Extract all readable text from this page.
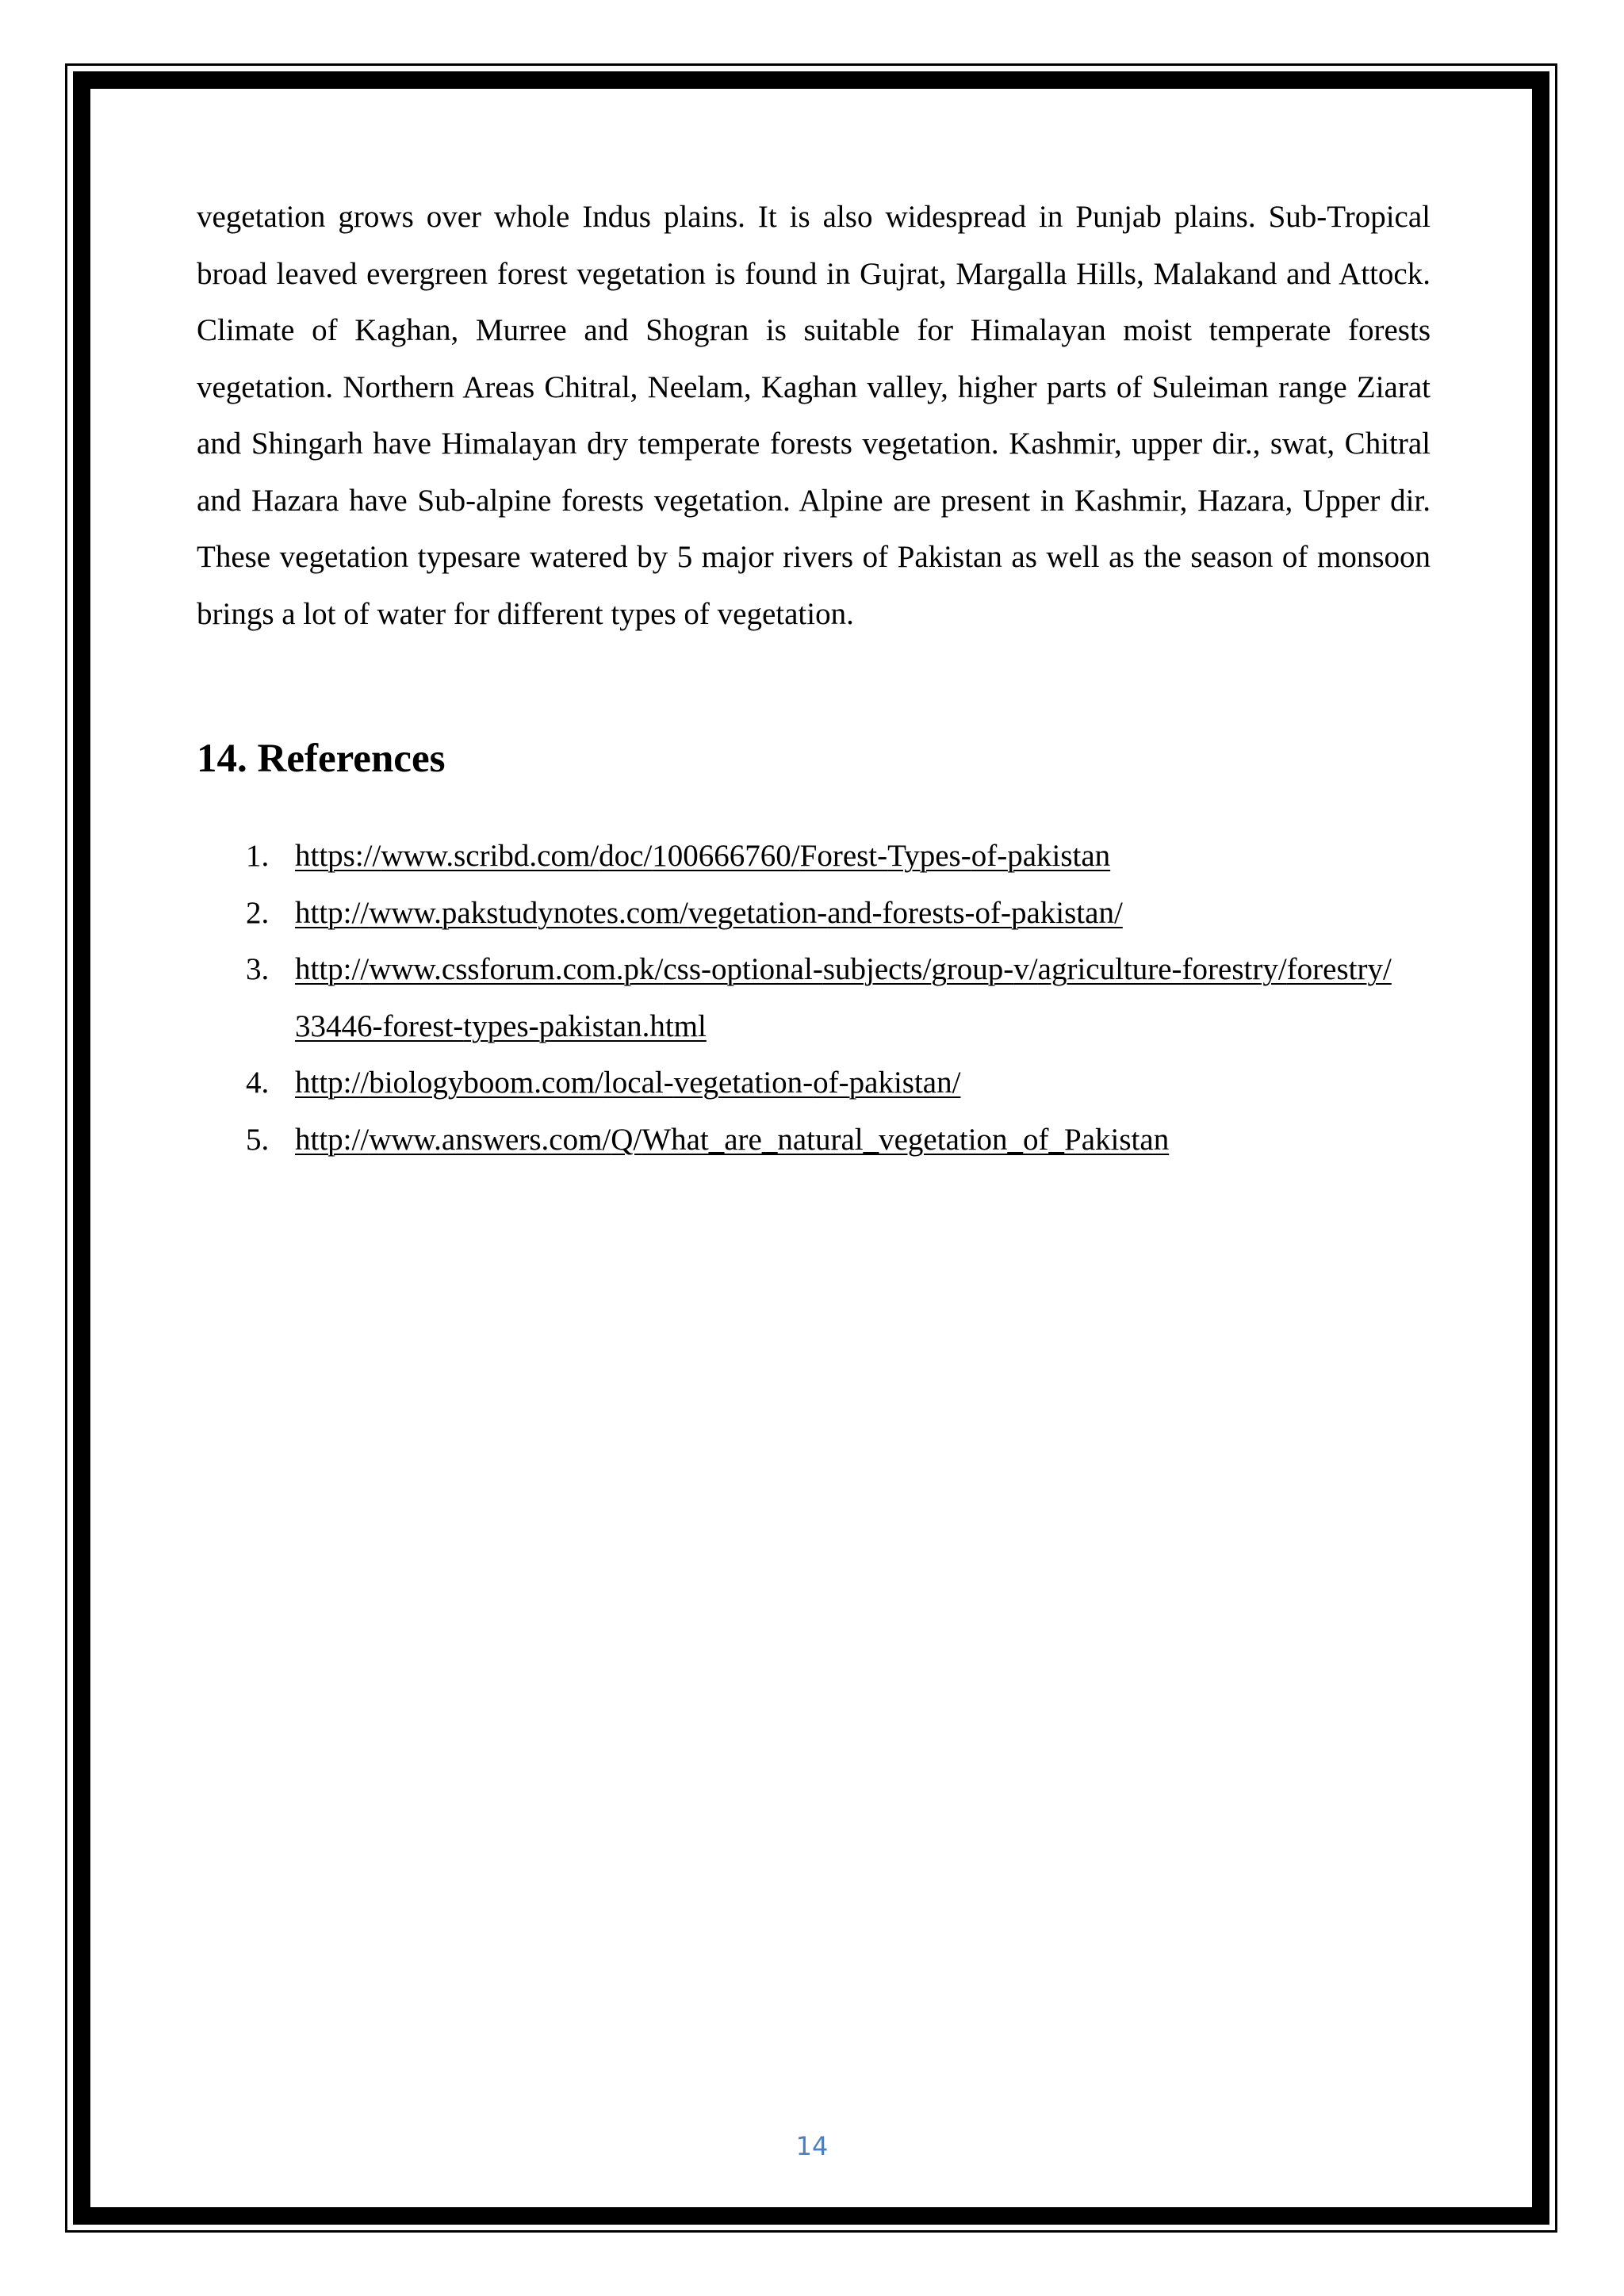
vegetation grows over whole Indus plains. It is also widespread in Punjab plains. Sub-Tropical broad leaved evergreen forest vegetation is found in Gujrat, Margalla Hills, Malakand and Attock. Climate of Kaghan, Murree and Shogran is suitable for Himalayan moist temperate forests vegetation. Northern Areas Chitral, Neelam, Kaghan valley, higher parts of Suleiman range Ziarat and Shingarh have Himalayan dry temperate forests vegetation. Kashmir, upper dir., swat, Chitral and Hazara have Sub-alpine forests vegetation. Alpine are present in Kashmir, Hazara, Upper dir. These vegetation typesare watered by 5 major rivers of Pakistan as well as the season of monsoon brings a lot of water for different types of vegetation.

14. References
1. https://www.scribd.com/doc/100666760/Forest-Types-of-pakistan
2. http://www.pakstudynotes.com/vegetation-and-forests-of-pakistan/
3. http://www.cssforum.com.pk/css-optional-subjects/group-v/agriculture-forestry/forestry/33446-forest-types-pakistan.html
4. http://biologyboom.com/local-vegetation-of-pakistan/
5. http://www.answers.com/Q/What_are_natural_vegetation_of_Pakistan
14
